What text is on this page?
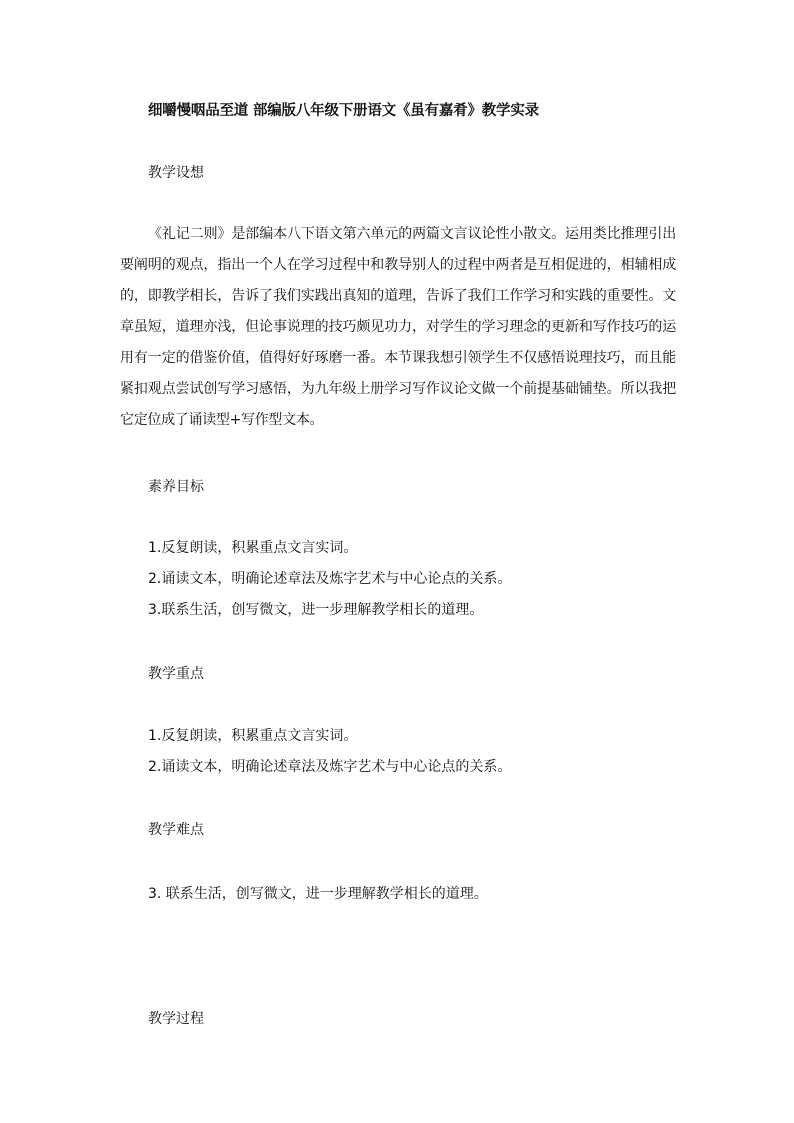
细嚼慢咽品至道 部编版八年级下册语文《虽有嘉肴》教学实录
教学设想
《礼记二则》是部编本八下语文第六单元的两篇文言议论性小散文。运用类比推理引出要阐明的观点，指出一个人在学习过程中和教导别人的过程中两者是互相促进的，相辅相成的，即教学相长，告诉了我们实践出真知的道理，告诉了我们工作学习和实践的重要性。文章虽短，道理亦浅，但论事说理的技巧颇见功力，对学生的学习理念的更新和写作技巧的运用有一定的借鉴价值，值得好好琢磨一番。本节课我想引领学生不仅感悟说理技巧，而且能紧扣观点尝试创写学习感悟，为九年级上册学习写作议论文做一个前提基础铺垫。所以我把它定位成了诵读型+写作型文本。
素养目标
1.反复朗读，积累重点文言实词。
2.诵读文本，明确论述章法及炼字艺术与中心论点的关系。
3.联系生活，创写微文，进一步理解教学相长的道理。
教学重点
1.反复朗读，积累重点文言实词。
2.诵读文本，明确论述章法及炼字艺术与中心论点的关系。
教学难点
3. 联系生活，创写微文，进一步理解教学相长的道理。
教学过程
